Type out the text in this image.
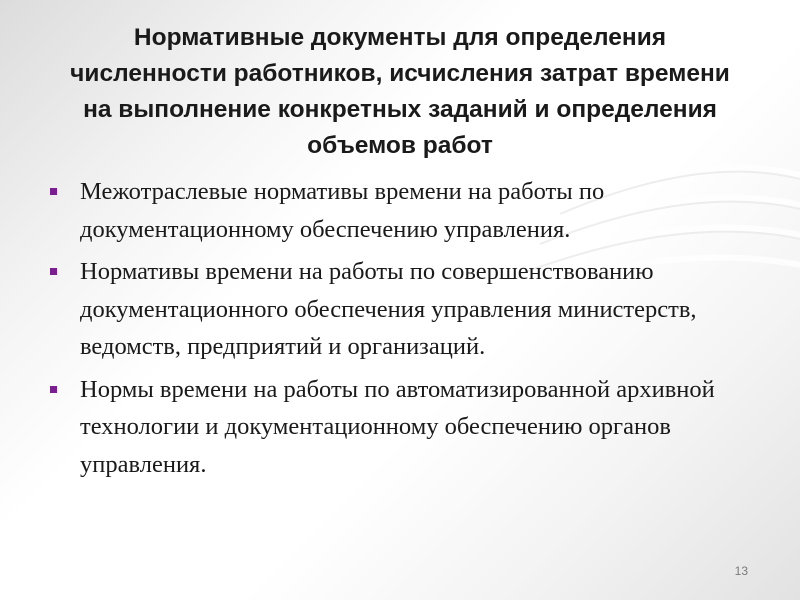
Нормативные документы для определения численности работников, исчисления затрат времени на выполнение конкретных заданий и определения объемов работ
Межотраслевые нормативы времени на работы по документационному обеспечению управления.
Нормативы времени на работы по совершенствованию документационного обеспечения управления министерств, ведомств, предприятий и организаций.
Нормы времени на работы по автоматизированной архивной технологии и документационному обеспечению органов управления.
13
